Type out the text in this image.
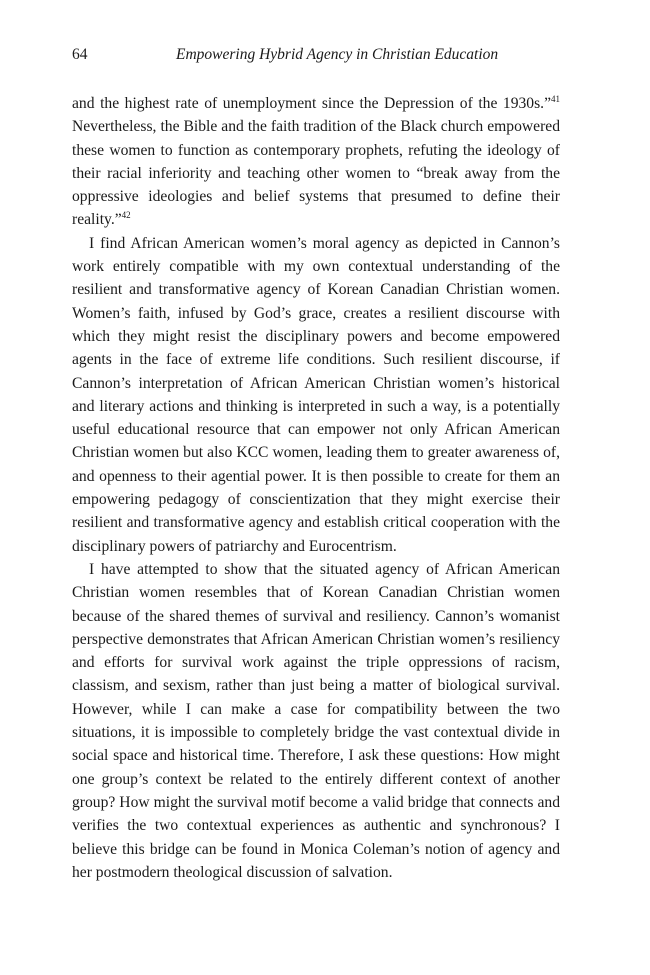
64	Empowering Hybrid Agency in Christian Education

and the highest rate of unemployment since the Depression of the 1930s.”$^{41}$ Nevertheless, the Bible and the faith tradition of the Black church empowered these women to function as contemporary prophets, refuting the ideology of their racial inferiority and teaching other women to “break away from the oppressive ideologies and belief systems that presumed to define their reality.”$^{42}$

I find African American women’s moral agency as depicted in Cannon’s work entirely compatible with my own contextual understanding of the resilient and transformative agency of Korean Canadian Christian women. Women’s faith, infused by God’s grace, creates a resilient discourse with which they might resist the disciplinary powers and become empowered agents in the face of extreme life conditions. Such resilient discourse, if Cannon’s interpretation of African American Christian women’s historical and literary actions and thinking is interpreted in such a way, is a potentially useful educational resource that can empower not only African American Christian women but also KCC women, leading them to greater awareness of, and openness to their agential power. It is then possible to create for them an empowering pedagogy of conscientization that they might exercise their resilient and transformative agency and establish critical cooperation with the disciplinary powers of patriarchy and Eurocentrism.

I have attempted to show that the situated agency of African American Christian women resembles that of Korean Canadian Christian women because of the shared themes of survival and resiliency. Cannon’s womanist perspective demonstrates that African American Christian women’s resiliency and efforts for survival work against the triple oppressions of racism, classism, and sexism, rather than just being a matter of biological survival. However, while I can make a case for compatibility between the two situations, it is impossible to completely bridge the vast contextual divide in social space and historical time. Therefore, I ask these questions: How might one group’s context be related to the entirely different context of another group? How might the survival motif become a valid bridge that connects and verifies the two contextual experiences as authentic and synchronous? I believe this bridge can be found in Monica Coleman’s notion of agency and her postmodern theological discussion of salvation.
